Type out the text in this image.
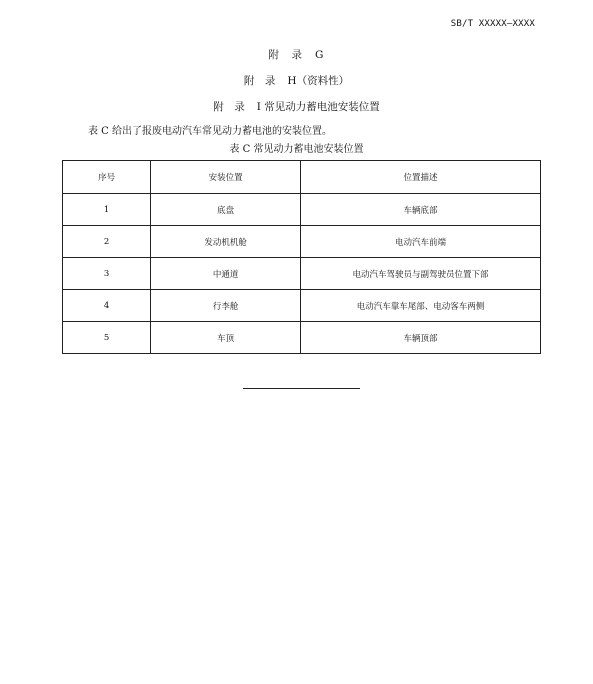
SB/T XXXXX—XXXX
附　录 G
附　录 H（资料性）
附　录 I 常见动力蓄电池安装位置
表 C 给出了报废电动汽车常见动力蓄电池的安装位置。
表 C 常见动力蓄电池安装位置
序号	安装位置	位置描述
1	底盘	车辆底部
2	发动机机舱	电动汽车前端
3	中通道	电动汽车驾驶员与副驾驶员位置下部
4	行李舱	电动汽车靠车尾部、电动客车两侧
5	车顶	车辆顶部
